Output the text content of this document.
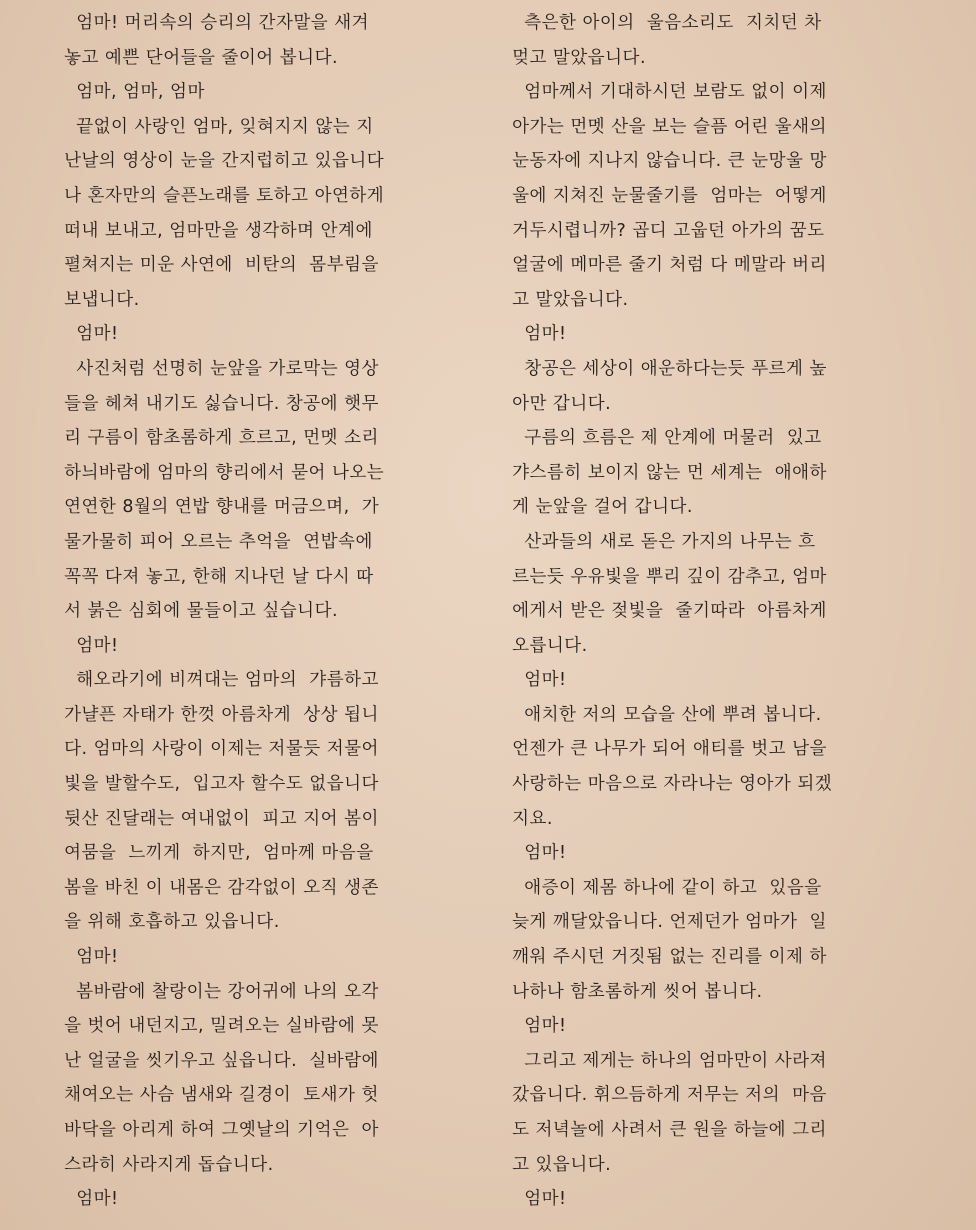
엄마! 머리속의 승리의 간자말을 새겨

놓고 예쁜 단어들을 줄이어 봅니다.

엄마, 엄마, 엄마

끝없이 사랑인 엄마, 잊혀지지 않는 지

난날의 영상이 눈을 간지럽히고 있읍니다

나 혼자만의 슬픈노래를 토하고 아연하게

떠내 보내고, 엄마만을 생각하며 안계에

펼쳐지는 미운 사연에  비탄의  몸부림을

보냅니다.

엄마!

사진처럼 선명히 눈앞을 가로막는 영상

들을 헤쳐 내기도 싫습니다. 창공에 햇무

리 구름이 함초롬하게 흐르고, 먼멧 소리

하늬바람에 엄마의 향리에서 묻어 나오는

연연한 8월의 연밥 향내를 머금으며,  가

물가물히 피어 오르는 추억을  연밥속에

꼭꼭 다져 놓고, 한해 지나던 날 다시 따

서 붉은 심회에 물들이고 싶습니다.

엄마!

해오라기에 비껴대는 엄마의  갸름하고

가냘픈 자태가 한껏 아름차게  상상 됩니

다. 엄마의 사랑이 이제는 저물듯 저물어

빛을 발할수도,  입고자 할수도 없읍니다

뒷산 진달래는 여내없이  피고 지어 봄이

여뭄을  느끼게  하지만,  엄마께 마음을

봄을 바친 이 내몸은 감각없이 오직 생존

을 위해 호흡하고 있읍니다.

엄마!

봄바람에 찰랑이는 강어귀에 나의 오각

을 벗어 내던지고, 밀려오는 실바람에 못

난 얼굴을 씻기우고 싶읍니다.  실바람에

채여오는 사슴 냄새와 길경이  토새가 헛

바닥을 아리게 하여 그옛날의 기억은  아

스라히 사라지게 돕습니다.

엄마!

측은한 아이의  울음소리도  지치던 차

멎고 말았읍니다.

엄마께서 기대하시던 보람도 없이 이제

아가는 먼멧 산을 보는 슬픔 어린 울새의

눈동자에 지나지 않습니다. 큰 눈망울 망

울에 지쳐진 눈물줄기를  엄마는  어떻게

거두시렵니까? 곱디 고웁던 아가의 꿈도

얼굴에 메마른 줄기 처럼 다 메말라 버리

고 말았읍니다.

엄마!

창공은 세상이 애운하다는듯 푸르게 높

아만 갑니다.

구름의 흐름은 제 안계에 머물러  있고

갸스름히 보이지 않는 먼 세계는  애애하

게 눈앞을 걸어 갑니다.

산과들의 새로 돋은 가지의 나무는 흐

르는듯 우유빛을 뿌리 깊이 감추고, 엄마

에게서 받은 젖빛을  줄기따라  아름차게

오릅니다.

엄마!

애치한 저의 모습을 산에 뿌려 봅니다.

언젠가 큰 나무가 되어 애티를 벗고 남을

사랑하는 마음으로 자라나는 영아가 되겠

지요.

엄마!

애증이 제몸 하나에 같이 하고  있음을

늦게 깨달았읍니다. 언제던가 엄마가  일

깨워 주시던 거짓됨 없는 진리를 이제 하

나하나 함초롬하게 씻어 봅니다.

엄마!

그리고 제게는 하나의 엄마만이 사라져

갔읍니다. 휘으듬하게 저무는 저의  마음

도 저녁놀에 사려서 큰 원을 하늘에 그리

고 있읍니다.

엄마!
